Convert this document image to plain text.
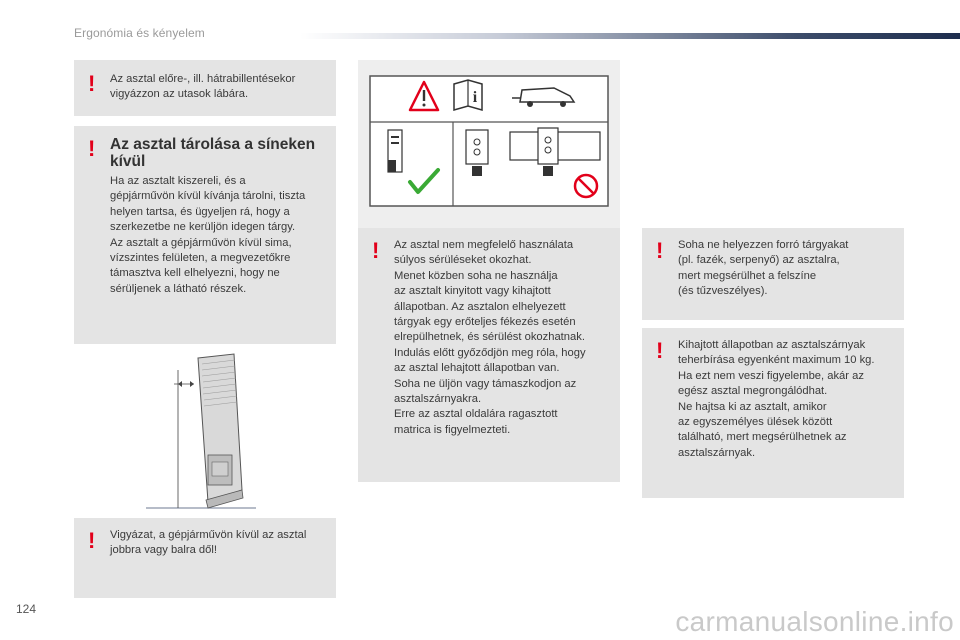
Ergonómia és kényelem
! Az asztal előre-, ill. hátrabillentésekor
vigyázzon az utasok lábára.
! Az asztal tárolása a síneken
kívül
Ha az asztalt kiszereli, és a
gépjárművön kívül kívánja tárolni, tiszta
helyen tartsa, és ügyeljen rá, hogy a
szerkezetbe ne kerüljön idegen tárgy.
Az asztalt a gépjárművön kívül sima,
vízszintes felületen, a megvezetőkre
támasztva kell elhelyezni, hogy ne
sérüljenek a látható részek.
! Vigyázat, a gépjárművön kívül az asztal
jobbra vagy balra dől!
i
! Az asztal nem megfelelő használata
súlyos sérüléseket okozhat.
Menet közben soha ne használja
az asztalt kinyitott vagy kihajtott
állapotban. Az asztalon elhelyezett
tárgyak egy erőteljes fékezés esetén
elrepülhetnek, és sérülést okozhatnak.
Indulás előtt győződjön meg róla, hogy
az asztal lehajtott állapotban van.
Soha ne üljön vagy támaszkodjon az
asztalszárnyakra.
Erre az asztal oldalára ragasztott
matrica is figyelmezteti.
! Soha ne helyezzen forró tárgyakat
(pl. fazék, serpenyő) az asztalra,
mert megsérülhet a felszíne
(és tűzveszélyes).
! Kihajtott állapotban az asztalszárnyak
teherbírása egyenként maximum 10 kg.
Ha ezt nem veszi figyelembe, akár az
egész asztal megrongálódhat.
Ne hajtsa ki az asztalt, amikor
az egyszemélyes ülések között
található, mert megsérülhetnek az
asztalszárnyak.
124	carmanualsonline.info
